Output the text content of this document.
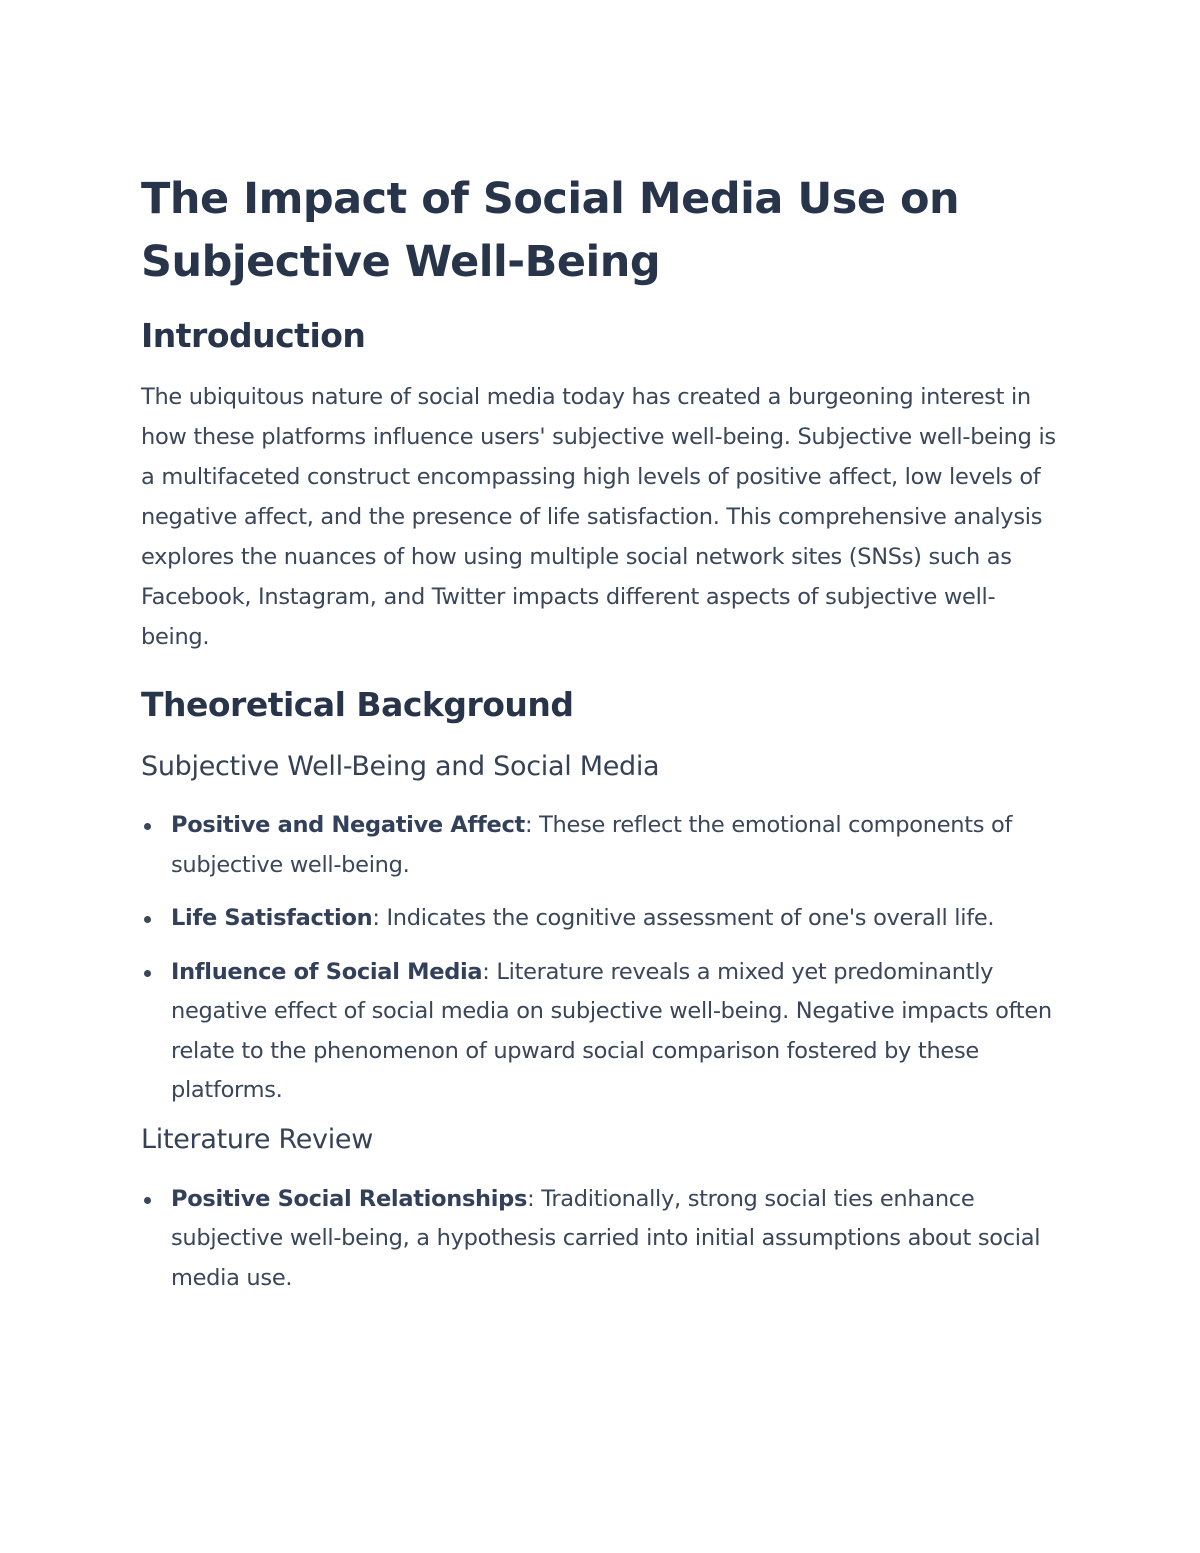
The Impact of Social Media Use on Subjective Well-Being
Introduction

The ubiquitous nature of social media today has created a burgeoning interest in how these platforms influence users' subjective well-being. Subjective well-being is a multifaceted construct encompassing high levels of positive affect, low levels of negative affect, and the presence of life satisfaction. This comprehensive analysis explores the nuances of how using multiple social network sites (SNSs) such as Facebook, Instagram, and Twitter impacts different aspects of subjective well-being.

Theoretical Background
Subjective Well-Being and Social Media
Positive and Negative Affect: These reflect the emotional components of subjective well-being.
Life Satisfaction: Indicates the cognitive assessment of one's overall life.
Influence of Social Media: Literature reveals a mixed yet predominantly negative effect of social media on subjective well-being. Negative impacts often relate to the phenomenon of upward social comparison fostered by these platforms.
Literature Review
Positive Social Relationships: Traditionally, strong social ties enhance subjective well-being, a hypothesis carried into initial assumptions about social media use.
